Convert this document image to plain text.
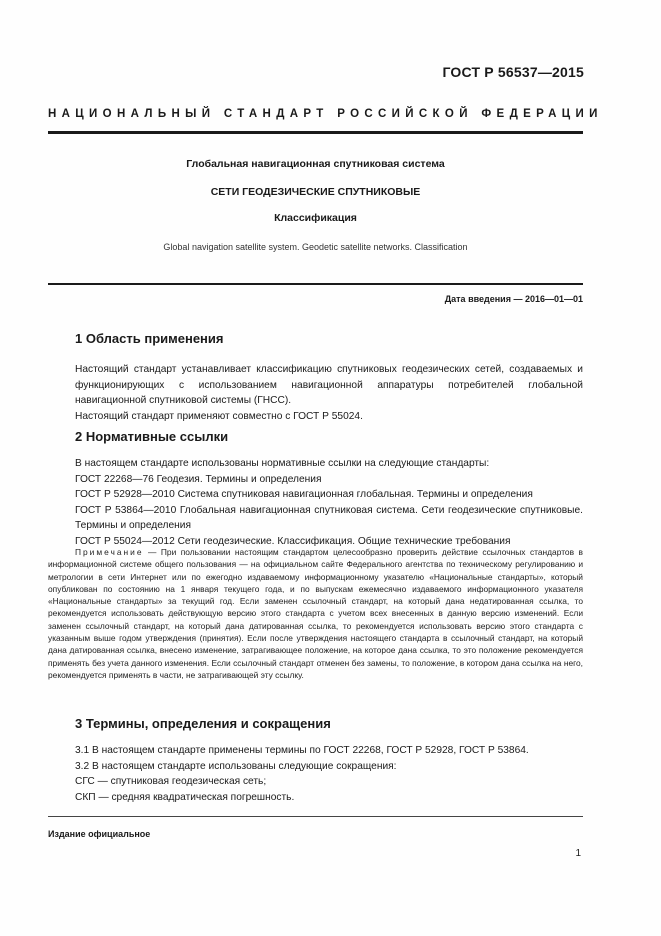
ГОСТ Р 56537—2015
НАЦИОНАЛЬНЫЙ СТАНДАРТ РОССИЙСКОЙ ФЕДЕРАЦИИ
Глобальная навигационная спутниковая система
СЕТИ ГЕОДЕЗИЧЕСКИЕ СПУТНИКОВЫЕ
Классификация
Global navigation satellite system. Geodetic satellite networks. Classification
Дата введения — 2016—01—01
1 Область применения
Настоящий стандарт устанавливает классификацию спутниковых геодезических сетей, создаваемых и функционирующих с использованием навигационной аппаратуры потребителей глобальной навигационной спутниковой системы (ГНСС).
Настоящий стандарт применяют совместно с ГОСТ Р 55024.
2 Нормативные ссылки
В настоящем стандарте использованы нормативные ссылки на следующие стандарты:
ГОСТ 22268—76 Геодезия. Термины и определения
ГОСТ Р 52928—2010 Система спутниковая навигационная глобальная. Термины и определения
ГОСТ Р 53864—2010 Глобальная навигационная спутниковая система. Сети геодезические спутниковые. Термины и определения
ГОСТ Р 55024—2012 Сети геодезические. Классификация. Общие технические требования
Примечание — При пользовании настоящим стандартом целесообразно проверить действие ссылочных стандартов в информационной системе общего пользования — на официальном сайте Федерального агентства по техническому регулированию и метрологии в сети Интернет или по ежегодно издаваемому информационному указателю «Национальные стандарты», который опубликован по состоянию на 1 января текущего года, и по выпускам ежемесячно издаваемого информационного указателя «Национальные стандарты» за текущий год. Если заменен ссылочный стандарт, на который дана недатированная ссылка, то рекомендуется использовать действующую версию этого стандарта с учетом всех внесенных в данную версию изменений. Если заменен ссылочный стандарт, на который дана датированная ссылка, то рекомендуется использовать версию этого стандарта с указанным выше годом утверждения (принятия). Если после утверждения настоящего стандарта в ссылочный стандарт, на который дана датированная ссылка, внесено изменение, затрагивающее положение, на которое дана ссылка, то это положение рекомендуется применять без учета данного изменения. Если ссылочный стандарт отменен без замены, то положение, в котором дана ссылка на него, рекомендуется применять в части, не затрагивающей эту ссылку.
3 Термины, определения и сокращения
3.1 В настоящем стандарте применены термины по ГОСТ 22268, ГОСТ Р 52928, ГОСТ Р 53864.
3.2 В настоящем стандарте использованы следующие сокращения:
СГС — спутниковая геодезическая сеть;
СКП — средняя квадратическая погрешность.
Издание официальное
1
